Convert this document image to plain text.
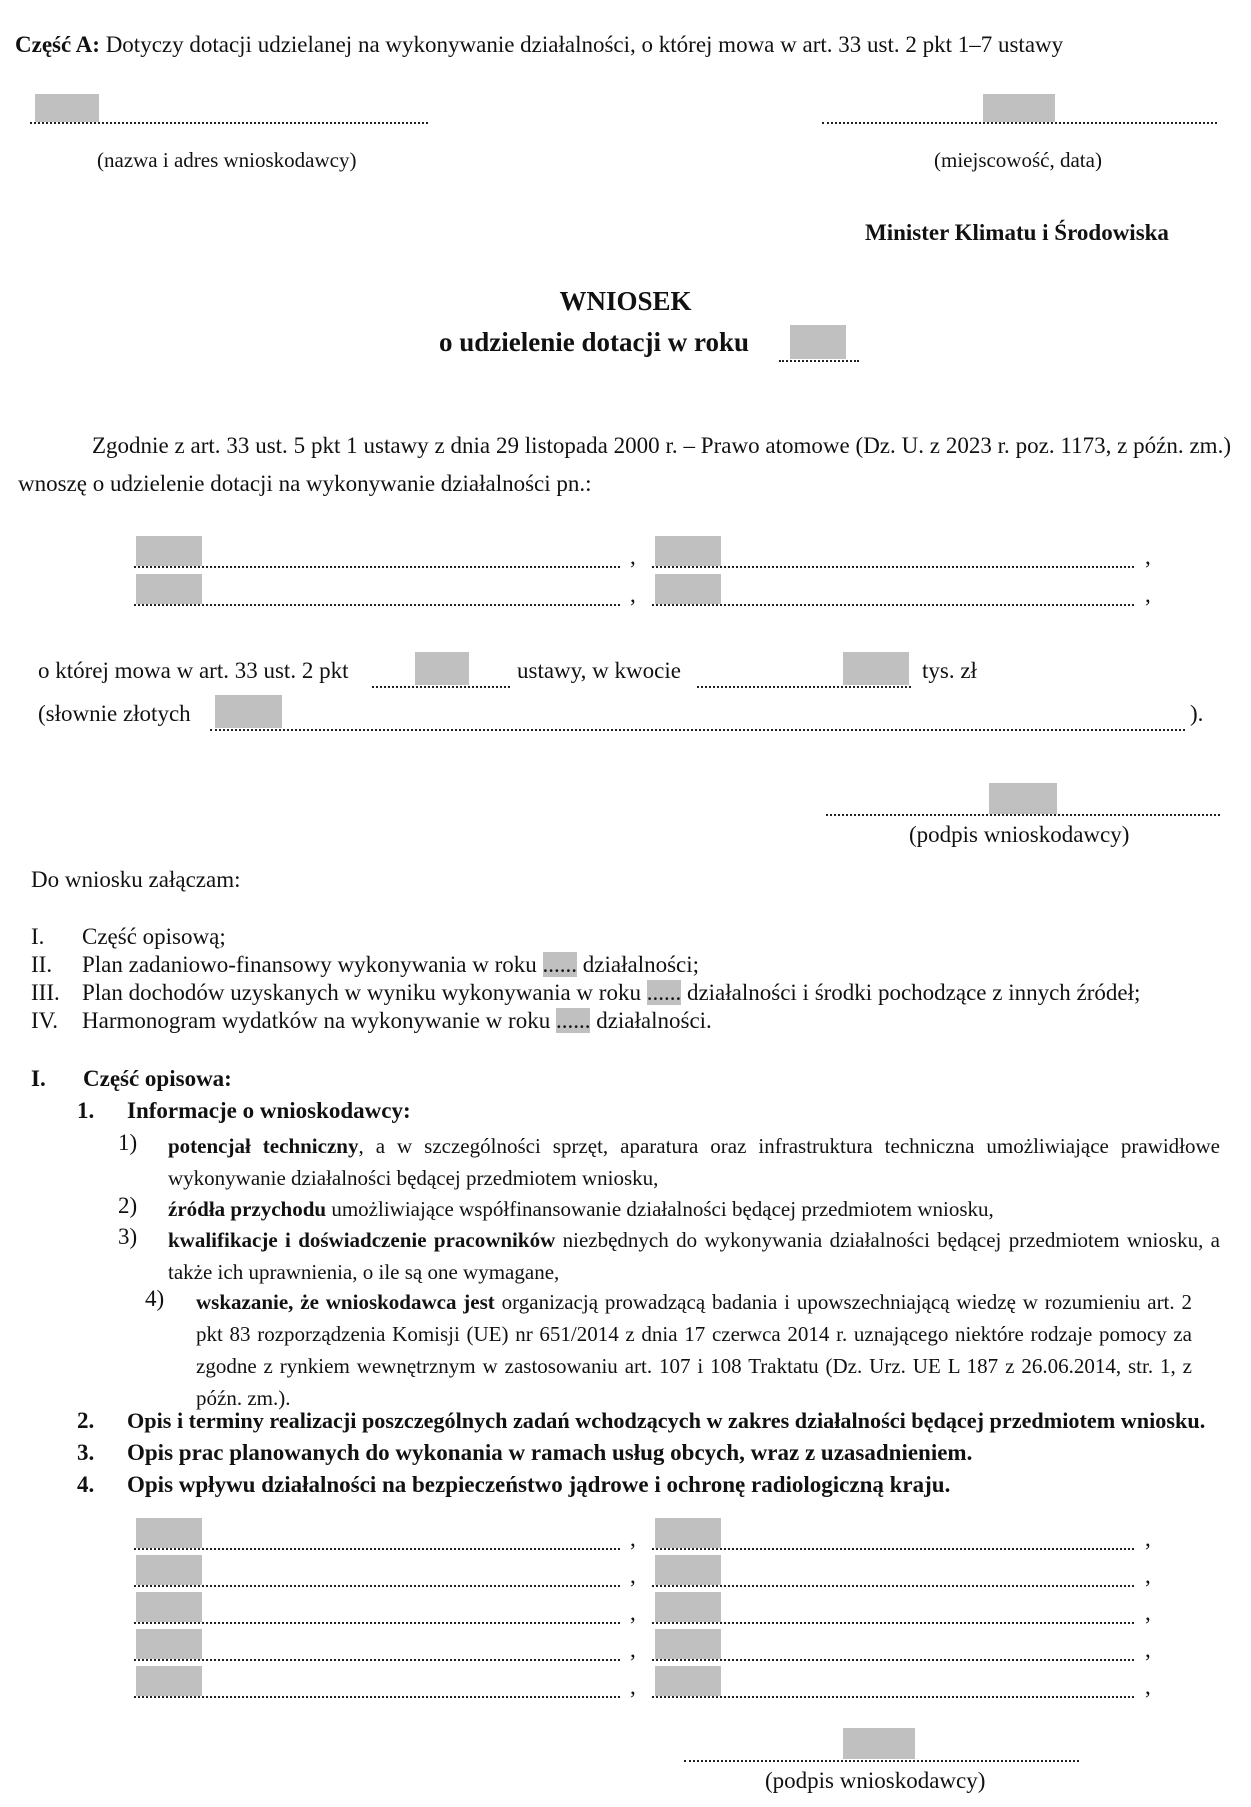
Część A: Dotyczy dotacji udzielanej na wykonywanie działalności, o której mowa w art. 33 ust. 2 pkt 1–7 ustawy
(nazwa i adres wnioskodawcy)	(miejscowość, data)
Minister Klimatu i Środowiska
WNIOSEK
o udzielenie dotacji w roku
Zgodnie z art. 33 ust. 5 pkt 1 ustawy z dnia 29 listopada 2000 r. – Prawo atomowe (Dz. U. z 2023 r. poz. 1173, z późn. zm.) wnoszę o udzielenie dotacji na wykonywanie działalności pn.:
,	,
,	,
o której mowa w art. 33 ust. 2 pkt	ustawy, w kwocie	tys. zł
(słownie złotych	).
(podpis wnioskodawcy)
Do wniosku załączam:
I. Część opisową;
II. Plan zadaniowo-finansowy wykonywania w roku ...... działalności;
III. Plan dochodów uzyskanych w wyniku wykonywania w roku ...... działalności i środki pochodzące z innych źródeł;
IV. Harmonogram wydatków na wykonywanie w roku ...... działalności.
I. Część opisowa:
1. Informacje o wnioskodawcy:
1) potencjał techniczny, a w szczególności sprzęt, aparatura oraz infrastruktura techniczna umożliwiające prawidłowe wykonywanie działalności będącej przedmiotem wniosku,
2) źródła przychodu umożliwiające współfinansowanie działalności będącej przedmiotem wniosku,
3) kwalifikacje i doświadczenie pracowników niezbędnych do wykonywania działalności będącej przedmiotem wniosku, a także ich uprawnienia, o ile są one wymagane,
4) wskazanie, że wnioskodawca jest organizacją prowadzącą badania i upowszechniającą wiedzę w rozumieniu art. 2 pkt 83 rozporządzenia Komisji (UE) nr 651/2014 z dnia 17 czerwca 2014 r. uznającego niektóre rodzaje pomocy za zgodne z rynkiem wewnętrznym w zastosowaniu art. 107 i 108 Traktatu (Dz. Urz. UE L 187 z 26.06.2014, str. 1, z późn. zm.).
2. Opis i terminy realizacji poszczególnych zadań wchodzących w zakres działalności będącej przedmiotem wniosku.
3. Opis prac planowanych do wykonania w ramach usług obcych, wraz z uzasadnieniem.
4. Opis wpływu działalności na bezpieczeństwo jądrowe i ochronę radiologiczną kraju.
,	,
,	,
,	,
,	,
,	,
(podpis wnioskodawcy)
